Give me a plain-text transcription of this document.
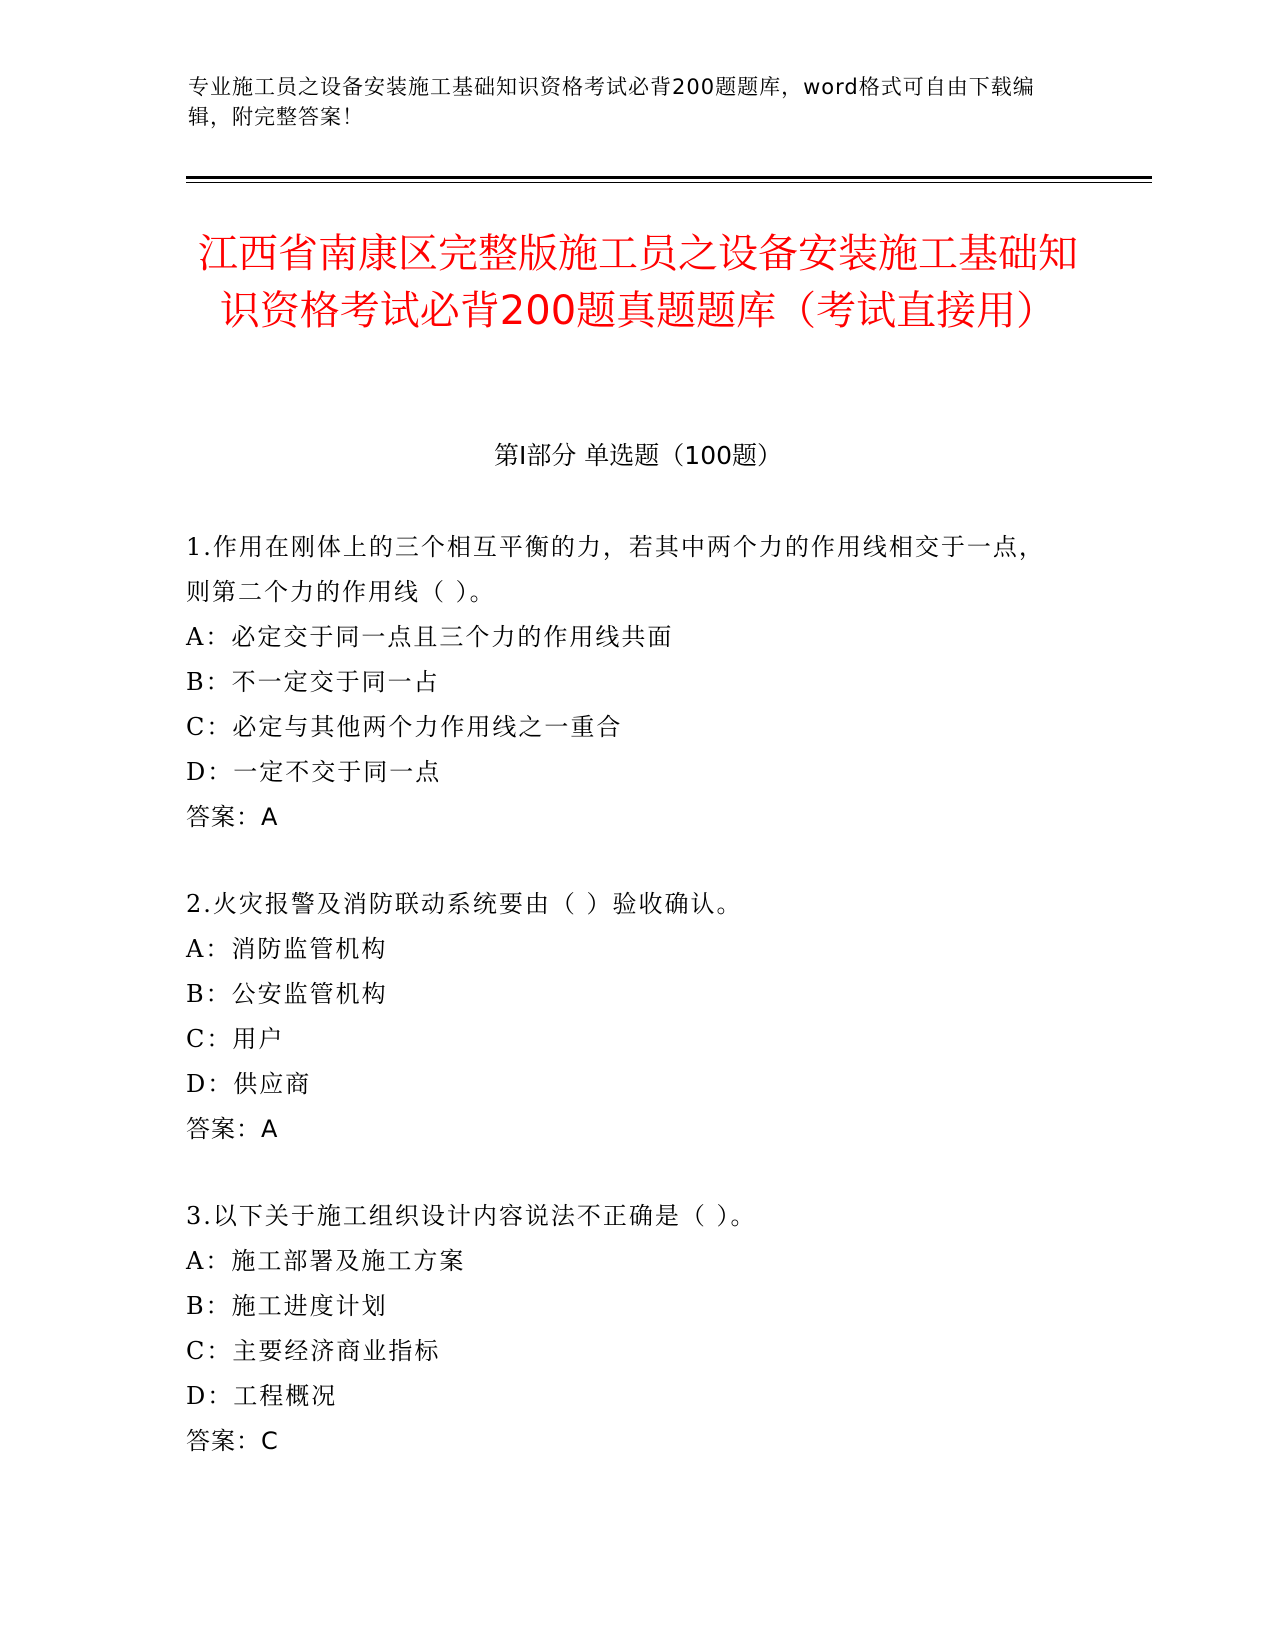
专业施工员之设备安装施工基础知识资格考试必背200题题库，word格式可自由下载编辑，附完整答案！
江西省南康区完整版施工员之设备安装施工基础知识资格考试必背200题真题题库（考试直接用）
第Ⅰ部分 单选题（100题）
1.作用在刚体上的三个相互平衡的力，若其中两个力的作用线相交于一点，则第二个力的作用线（ ）。
A：必定交于同一点且三个力的作用线共面
B：不一定交于同一占
C：必定与其他两个力作用线之一重合
D：一定不交于同一点
答案：A
2.火灾报警及消防联动系统要由（ ）验收确认。
A：消防监管机构
B：公安监管机构
C：用户
D：供应商
答案：A
3.以下关于施工组织设计内容说法不正确是（ ）。
A：施工部署及施工方案
B：施工进度计划
C：主要经济商业指标
D：工程概况
答案：C
